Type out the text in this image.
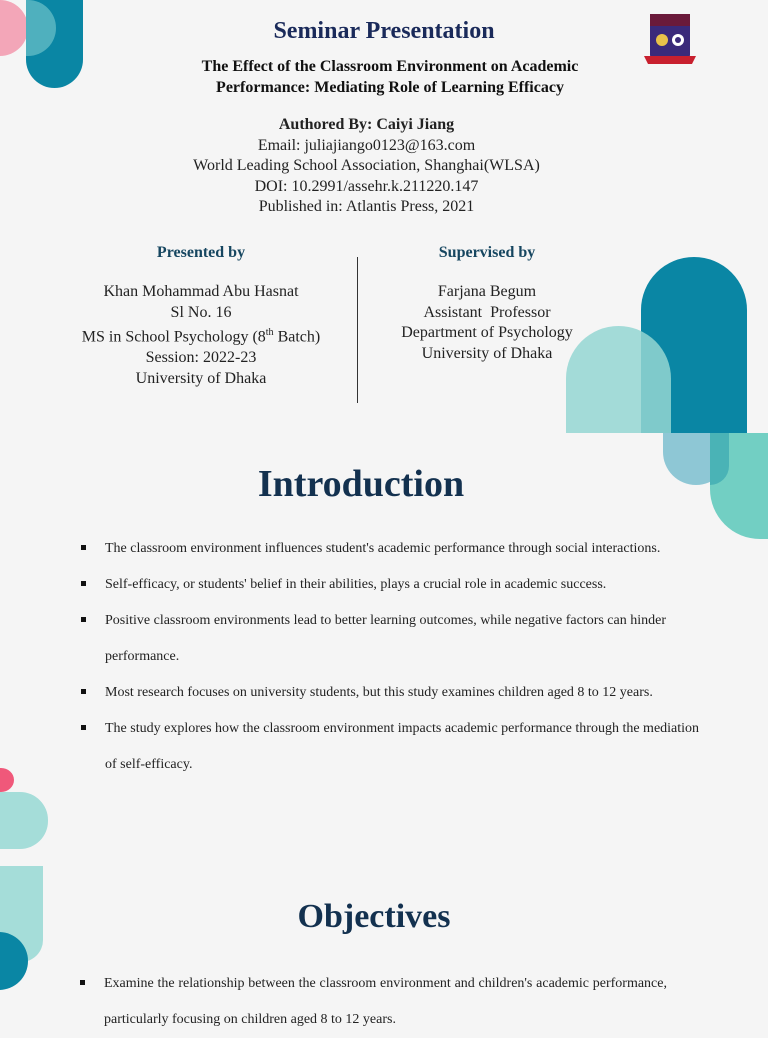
Seminar Presentation
The Effect of the Classroom Environment on Academic
Performance: Mediating Role of Learning Efficacy
Authored By: Caiyi Jiang
Email: juliajiango0123@163.com
World Leading School Association, Shanghai(WLSA)
DOI: 10.2991/assehr.k.211220.147
Published in: Atlantis Press, 2021
Presented by
Khan Mohammad Abu Hasnat
Sl No. 16
MS in School Psychology (8th Batch)
Session: 2022-23
University of Dhaka
Supervised by
Farjana Begum
Assistant  Professor
Department of Psychology
University of Dhaka
Introduction
The classroom environment influences student's academic performance through social interactions.
Self-efficacy, or students' belief in their abilities, plays a crucial role in academic success.
Positive classroom environments lead to better learning outcomes, while negative factors can hinder
performance.
Most research focuses on university students, but this study examines children aged 8 to 12 years.
The study explores how the classroom environment impacts academic performance through the mediation
of self-efficacy.
Objectives
Examine the relationship between the classroom environment and children's academic performance, particularly focusing on children aged 8 to 12 years.
